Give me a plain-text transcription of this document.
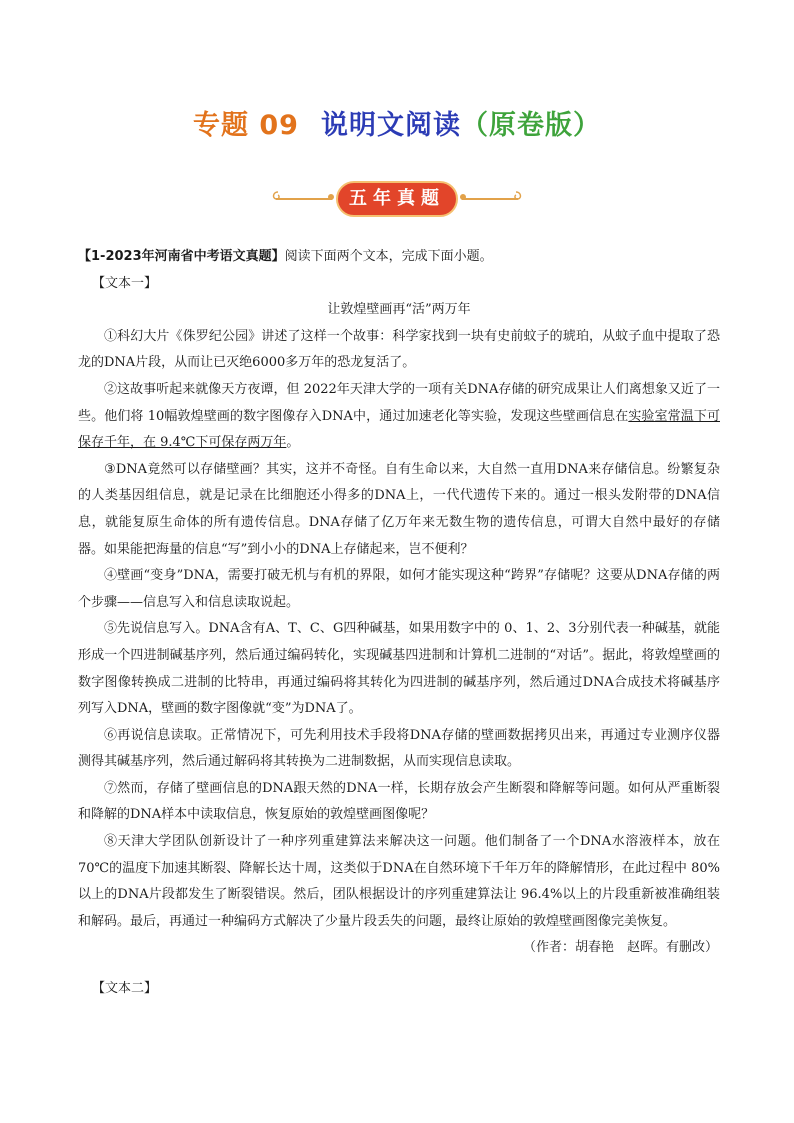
专题 09 说明文阅读（原卷版）
五年真题

【1-2023年河南省中考语文真题】阅读下面两个文本，完成下面小题。

【文本一】

让敦煌壁画再“活”两万年

①科幻大片《侏罗纪公园》讲述了这样一个故事：科学家找到一块有史前蚊子的琥珀，从蚊子血中提取了恐龙的DNA片段，从而让已灭绝6000多万年的恐龙复活了。

②这故事听起来就像天方夜谭，但 2022年天津大学的一项有关DNA存储的研究成果让人们离想象又近了一些。他们将 10幅敦煌壁画的数字图像存入DNA中，通过加速老化等实验，发现这些壁画信息在实验室常温下可保存千年，在 9.4℃下可保存两万年。

③DNA竟然可以存储壁画？其实，这并不奇怪。自有生命以来，大自然一直用DNA来存储信息。纷繁复杂的人类基因组信息，就是记录在比细胞还小得多的DNA上，一代代遗传下来的。通过一根头发附带的DNA信息，就能复原生命体的所有遗传信息。DNA存储了亿万年来无数生物的遗传信息，可谓大自然中最好的存储器。如果能把海量的信息“写”到小小的DNA上存储起来，岂不便利？

④壁画“变身”DNA，需要打破无机与有机的界限，如何才能实现这种“跨界”存储呢？这要从DNA存储的两个步骤——信息写入和信息读取说起。

⑤先说信息写入。DNA含有A、T、C、G四种碱基，如果用数字中的 0、1、2、3分别代表一种碱基，就能形成一个四进制碱基序列，然后通过编码转化，实现碱基四进制和计算机二进制的“对话”。据此，将敦煌壁画的数字图像转换成二进制的比特串，再通过编码将其转化为四进制的碱基序列，然后通过DNA合成技术将碱基序列写入DNA，壁画的数字图像就“变”为DNA了。

⑥再说信息读取。正常情况下，可先利用技术手段将DNA存储的壁画数据拷贝出来，再通过专业测序仪器测得其碱基序列，然后通过解码将其转换为二进制数据，从而实现信息读取。

⑦然而，存储了壁画信息的DNA跟天然的DNA一样，长期存放会产生断裂和降解等问题。如何从严重断裂和降解的DNA样本中读取信息，恢复原始的敦煌壁画图像呢？

⑧天津大学团队创新设计了一种序列重建算法来解决这一问题。他们制备了一个DNA水溶液样本，放在70℃的温度下加速其断裂、降解长达十周，这类似于DNA在自然环境下千年万年的降解情形，在此过程中 80%以上的DNA片段都发生了断裂错误。然后，团队根据设计的序列重建算法让 96.4%以上的片段重新被准确组装和解码。最后，再通过一种编码方式解决了少量片段丢失的问题，最终让原始的敦煌壁画图像完美恢复。

（作者：胡春艳　赵晖。有删改）

【文本二】
